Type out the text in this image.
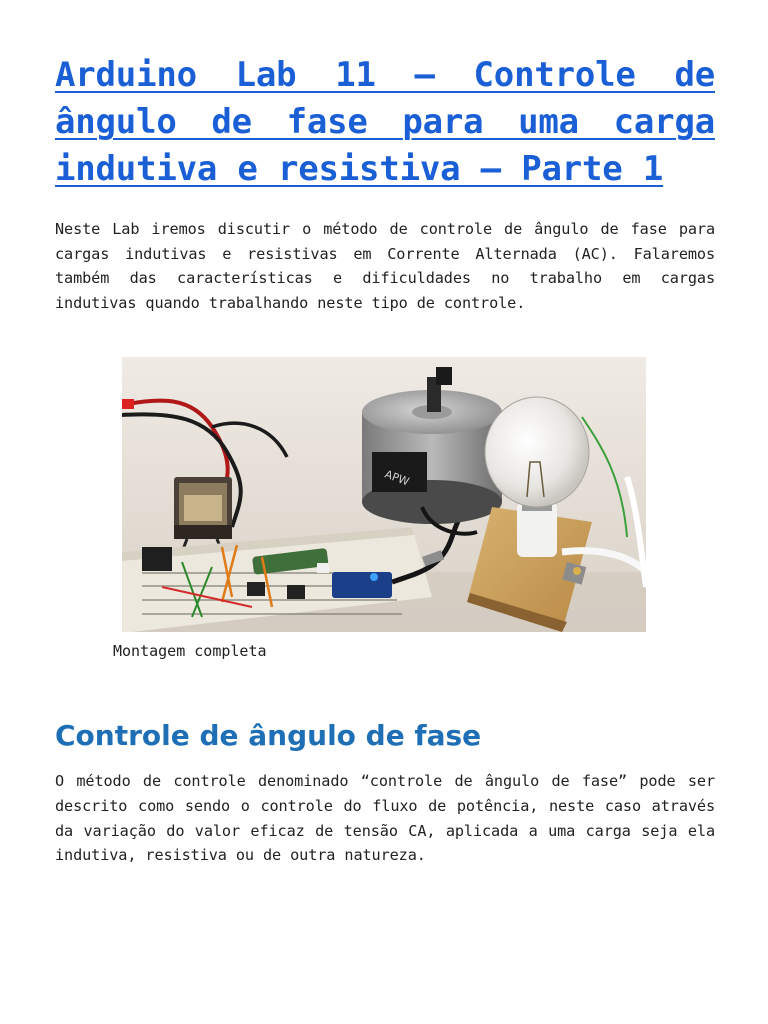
Arduino Lab 11 – Controle de ângulo de fase para uma carga indutiva e resistiva – Parte 1

Neste Lab iremos discutir o método de controle de ângulo de fase para cargas indutivas e resistivas em Corrente Alternada (AC). Falaremos também das características e dificuldades no trabalho em cargas indutivas quando trabalhando neste tipo de controle.

APW
Montagem completa
Controle de ângulo de fase

O método de controle denominado “controle de ângulo de fase” pode ser descrito como sendo o controle do fluxo de potência, neste caso através da variação do valor eficaz de tensão CA, aplicada a uma carga seja ela indutiva, resistiva ou de outra natureza.
